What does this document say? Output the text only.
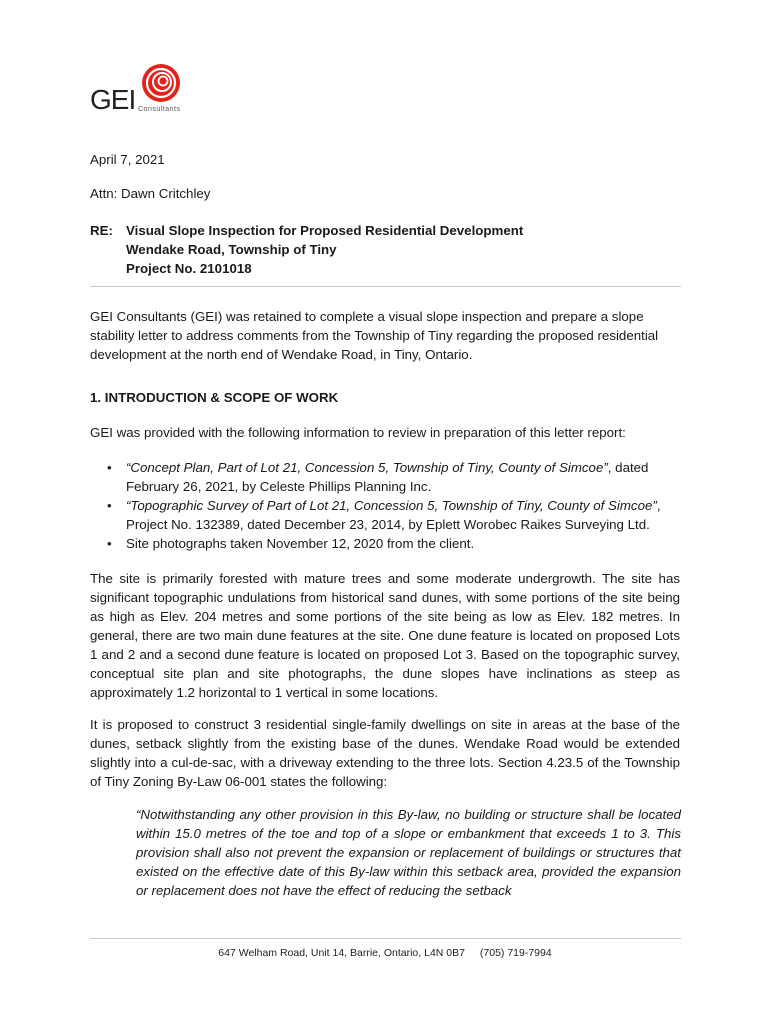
GEI Consultants
April 7, 2021
Attn: Dawn Critchley
RE: Visual Slope Inspection for Proposed Residential Development
Wendake Road, Township of Tiny
Project No. 2101018
GEI Consultants (GEI) was retained to complete a visual slope inspection and prepare a slope stability letter to address comments from the Township of Tiny regarding the proposed residential development at the north end of Wendake Road, in Tiny, Ontario.
1. INTRODUCTION & SCOPE OF WORK
GEI was provided with the following information to review in preparation of this letter report:
• “Concept Plan, Part of Lot 21, Concession 5, Township of Tiny, County of Simcoe”, dated February 26, 2021, by Celeste Phillips Planning Inc.
• “Topographic Survey of Part of Lot 21, Concession 5, Township of Tiny, County of Simcoe”, Project No. 132389, dated December 23, 2014, by Eplett Worobec Raikes Surveying Ltd.
• Site photographs taken November 12, 2020 from the client.
The site is primarily forested with mature trees and some moderate undergrowth. The site has significant topographic undulations from historical sand dunes, with some portions of the site being as high as Elev. 204 metres and some portions of the site being as low as Elev. 182 metres. In general, there are two main dune features at the site. One dune feature is located on proposed Lots 1 and 2 and a second dune feature is located on proposed Lot 3. Based on the topographic survey, conceptual site plan and site photographs, the dune slopes have inclinations as steep as approximately 1.2 horizontal to 1 vertical in some locations.
It is proposed to construct 3 residential single-family dwellings on site in areas at the base of the dunes, setback slightly from the existing base of the dunes. Wendake Road would be extended slightly into a cul-de-sac, with a driveway extending to the three lots. Section 4.23.5 of the Township of Tiny Zoning By-Law 06-001 states the following:
“Notwithstanding any other provision in this By-law, no building or structure shall be located within 15.0 metres of the toe and top of a slope or embankment that exceeds 1 to 3. This provision shall also not prevent the expansion or replacement of buildings or structures that existed on the effective date of this By-law within this setback area, provided the expansion or replacement does not have the effect of reducing the setback
647 Welham Road, Unit 14, Barrie, Ontario, L4N 0B7 (705) 719-7994
